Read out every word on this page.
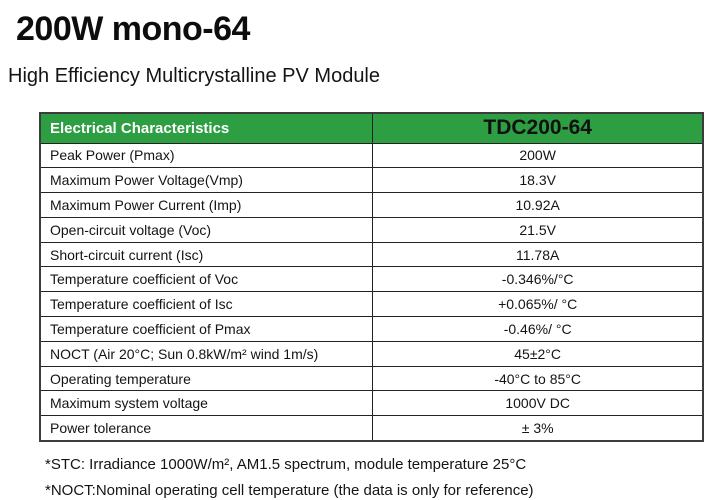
200W mono-64

High Efficiency Multicrystalline PV Module

Electrical Characteristics	TDC200-64
Peak Power (Pmax)	200W
Maximum Power Voltage(Vmp)	18.3V
Maximum Power Current (Imp)	10.92A
Open-circuit voltage (Voc)	21.5V
Short-circuit current (Isc)	11.78A
Temperature coefficient of Voc	-0.346%/°C
Temperature coefficient of Isc	+0.065%/ °C
Temperature coefficient of Pmax	-0.46%/ °C
NOCT (Air 20°C; Sun 0.8kW/m² wind 1m/s)	45±2°C
Operating temperature	-40°C to 85°C
Maximum system voltage	1000V DC
Power tolerance	± 3%

*STC: Irradiance 1000W/m², AM1.5 spectrum, module temperature 25°C

*NOCT:Nominal operating cell temperature (the data is only for reference)
